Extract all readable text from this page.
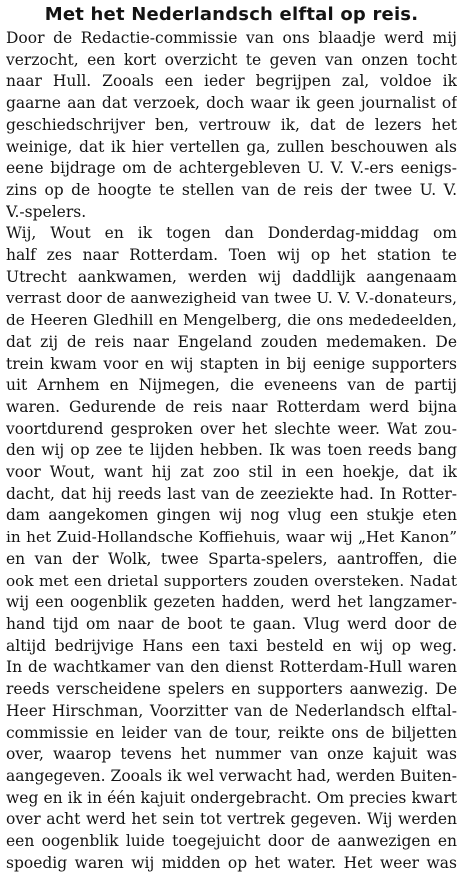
Met het Nederlandsch elftal op reis.
Door de Redactie-commissie van ons blaadje werd mij
verzocht, een kort overzicht te geven van onzen tocht
naar Hull. Zooals een ieder begrijpen zal, voldoe ik
gaarne aan dat verzoek, doch waar ik geen journalist of
geschiedschrijver ben, vertrouw ik, dat de lezers het
weinige, dat ik hier vertellen ga, zullen beschouwen als
eene bijdrage om de achtergebleven U. V. V.-ers eenigs-
zins op de hoogte te stellen van de reis der twee U. V.
V.-spelers.
Wij, Wout en ik togen dan Donderdag-middag om
half zes naar Rotterdam. Toen wij op het station te
Utrecht aankwamen, werden wij daddlijk aangenaam
verrast door de aanwezigheid van twee U. V. V.-donateurs,
de Heeren Gledhill en Mengelberg, die ons mededeelden,
dat zij de reis naar Engeland zouden medemaken. De
trein kwam voor en wij stapten in bij eenige supporters
uit Arnhem en Nijmegen, die eveneens van de partij
waren. Gedurende de reis naar Rotterdam werd bijna
voortdurend gesproken over het slechte weer. Wat zou-
den wij op zee te lijden hebben. Ik was toen reeds bang
voor Wout, want hij zat zoo stil in een hoekje, dat ik
dacht, dat hij reeds last van de zeeziekte had. In Rotter-
dam aangekomen gingen wij nog vlug een stukje eten
in het Zuid-Hollandsche Koffiehuis, waar wij „Het Kanon”
en van der Wolk, twee Sparta-spelers, aantroffen, die
ook met een drietal supporters zouden oversteken. Nadat
wij een oogenblik gezeten hadden, werd het langzamer-
hand tijd om naar de boot te gaan. Vlug werd door de
altijd bedrijvige Hans een taxi besteld en wij op weg.
In de wachtkamer van den dienst Rotterdam-Hull waren
reeds verscheidene spelers en supporters aanwezig. De
Heer Hirschman, Voorzitter van de Nederlandsch elftal-
commissie en leider van de tour, reikte ons de biljetten
over, waarop tevens het nummer van onze kajuit was
aangegeven. Zooals ik wel verwacht had, werden Buiten-
weg en ik in één kajuit ondergebracht. Om precies kwart
over acht werd het sein tot vertrek gegeven. Wij werden
een oogenblik luide toegejuicht door de aanwezigen en
spoedig waren wij midden op het water. Het weer was
